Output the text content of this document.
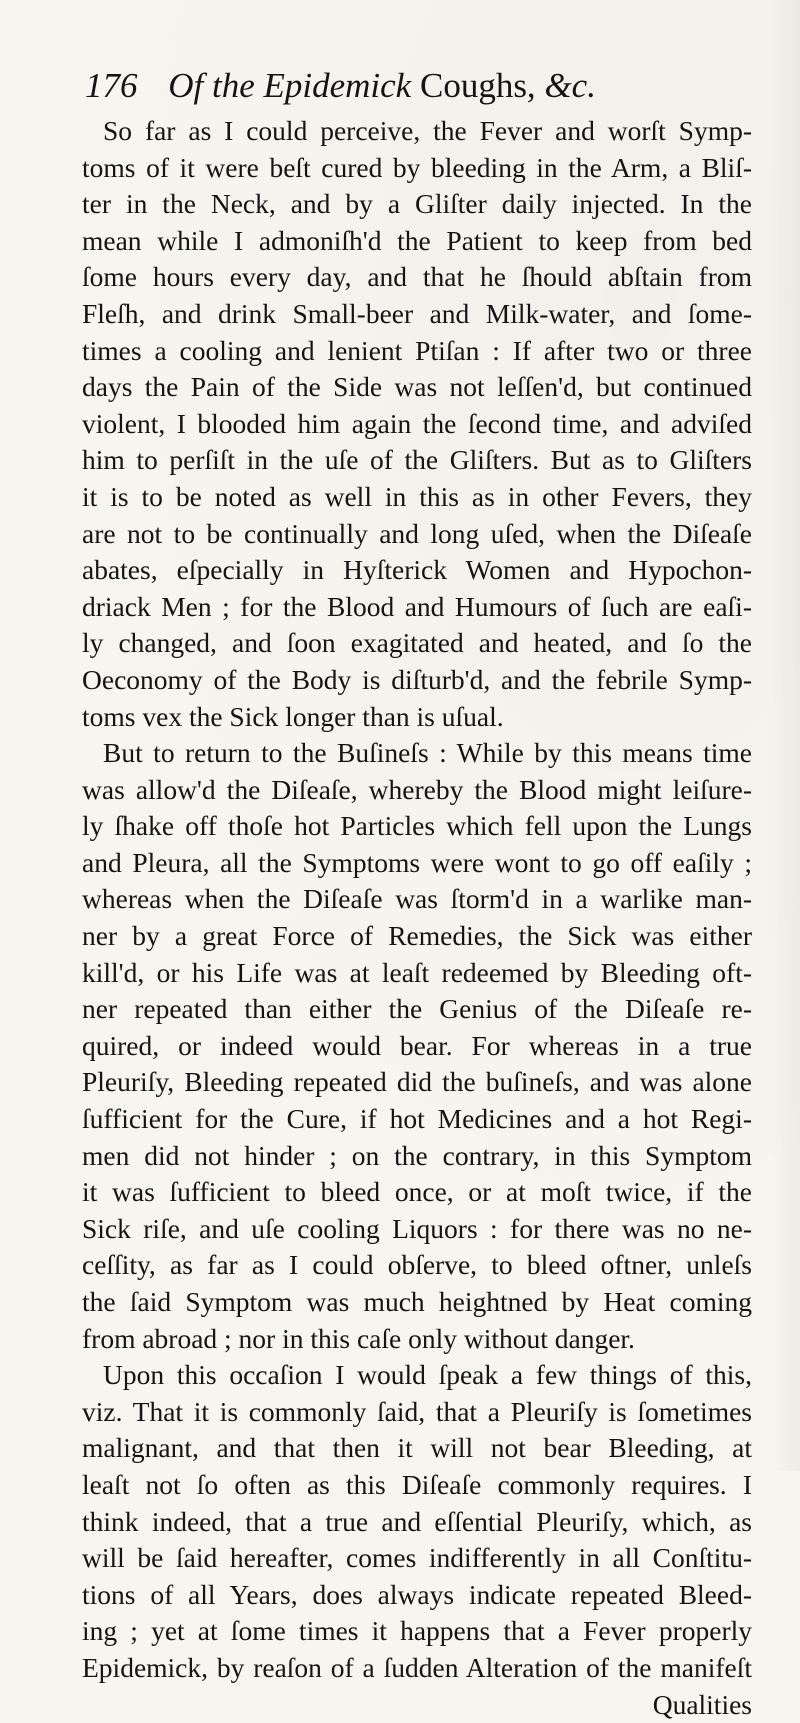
176 Of the Epidemick Coughs, &c.
So far as I could perceive, the Fever and worſt Symp-
toms of it were beſt cured by bleeding in the Arm, a Bliſ-
ter in the Neck, and by a Gliſter daily injected. In the
mean while I admoniſh'd the Patient to keep from bed
ſome hours every day, and that he ſhould abſtain from
Fleſh, and drink Small-beer and Milk-water, and ſome-
times a cooling and lenient Ptiſan : If after two or three
days the Pain of the Side was not leſſen'd, but continued
violent, I blooded him again the ſecond time, and adviſed
him to perſiſt in the uſe of the Gliſters. But as to Gliſters
it is to be noted as well in this as in other Fevers, they
are not to be continually and long uſed, when the Diſeaſe
abates, eſpecially in Hyſterick Women and Hypochon-
driack Men ; for the Blood and Humours of ſuch are eaſi-
ly changed, and ſoon exagitated and heated, and ſo the
Oeconomy of the Body is diſturb'd, and the febrile Symp-
toms vex the Sick longer than is uſual.
But to return to the Buſineſs : While by this means time
was allow'd the Diſeaſe, whereby the Blood might leiſure-
ly ſhake off thoſe hot Particles which fell upon the Lungs
and Pleura, all the Symptoms were wont to go off eaſily ;
whereas when the Diſeaſe was ſtorm'd in a warlike man-
ner by a great Force of Remedies, the Sick was either
kill'd, or his Life was at leaſt redeemed by Bleeding oft-
ner repeated than either the Genius of the Diſeaſe re-
quired, or indeed would bear. For whereas in a true
Pleuriſy, Bleeding repeated did the buſineſs, and was alone
ſufficient for the Cure, if hot Medicines and a hot Regi-
men did not hinder ; on the contrary, in this Symptom
it was ſufficient to bleed once, or at moſt twice, if the
Sick riſe, and uſe cooling Liquors : for there was no ne-
ceſſity, as far as I could obſerve, to bleed oftner, unleſs
the ſaid Symptom was much heightned by Heat coming
from abroad ; nor in this caſe only without danger.
Upon this occaſion I would ſpeak a few things of this,
viz. That it is commonly ſaid, that a Pleuriſy is ſometimes
malignant, and that then it will not bear Bleeding, at
leaſt not ſo often as this Diſeaſe commonly requires. I
think indeed, that a true and eſſential Pleuriſy, which, as
will be ſaid hereafter, comes indifferently in all Conſtitu-
tions of all Years, does always indicate repeated Bleed-
ing ; yet at ſome times it happens that a Fever properly
Epidemick, by reaſon of a ſudden Alteration of the manifeſt
Qualities
